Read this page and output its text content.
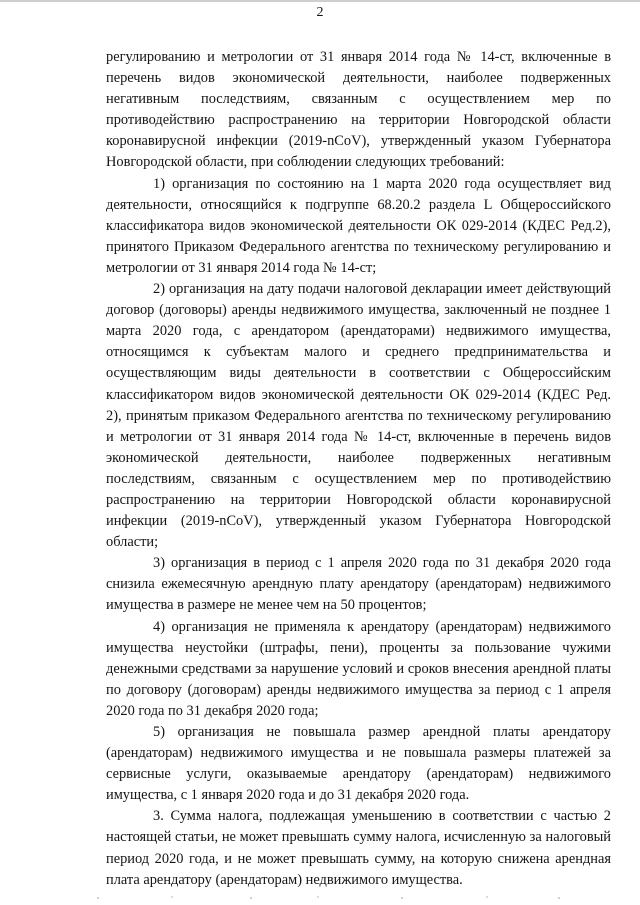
2

регулированию и метрологии от 31 января 2014 года № 14-ст, включенные в перечень видов экономической деятельности, наиболее подверженных негативным последствиям, связанным с осуществлением мер по противодействию распространению на территории Новгородской области коронавирусной инфекции (2019-nCoV), утвержденный указом Губернатора Новгородской области, при соблюдении следующих требований:

1) организация по состоянию на 1 марта 2020 года осуществляет вид деятельности, относящийся к подгруппе 68.20.2 раздела L Общероссийского классификатора видов экономической деятельности ОК 029-2014 (КДЕС Ред.2), принятого Приказом Федерального агентства по техническому регулированию и метрологии от 31 января 2014 года № 14-ст;

2) организация на дату подачи налоговой декларации имеет действующий договор (договоры) аренды недвижимого имущества, заключенный не позднее 1 марта 2020 года, с арендатором (арендаторами) недвижимого имущества, относящимся к субъектам малого и среднего предпринимательства и осуществляющим виды деятельности в соответствии с Общероссийским классификатором видов экономической деятельности ОК 029-2014 (КДЕС Ред. 2), принятым приказом Федерального агентства по техническому регулированию и метрологии от 31 января 2014 года № 14-ст, включенные в перечень видов экономической деятельности, наиболее подверженных негативным последствиям, связанным с осуществлением мер по противодействию распространению на территории Новгородской области коронавирусной инфекции (2019-nCoV), утвержденный указом Губернатора Новгородской области;

3) организация в период с 1 апреля 2020 года по 31 декабря 2020 года снизила ежемесячную арендную плату арендатору (арендаторам) недвижимого имущества в размере не менее чем на 50 процентов;

4) организация не применяла к арендатору (арендаторам) недвижимого имущества неустойки (штрафы, пени), проценты за пользование чужими денежными средствами за нарушение условий и сроков внесения арендной платы по договору (договорам) аренды недвижимого имущества за период с 1 апреля 2020 года по 31 декабря 2020 года;

5) организация не повышала размер арендной платы арендатору (арендаторам) недвижимого имущества и не повышала размеры платежей за сервисные услуги, оказываемые арендатору (арендаторам) недвижимого имущества, с 1 января 2020 года и до 31 декабря 2020 года.

3. Сумма налога, подлежащая уменьшению в соответствии с частью 2 настоящей статьи, не может превышать сумму налога, исчисленную за налоговый период 2020 года, и не может превышать сумму, на которую снижена арендная плата арендатору (арендаторам) недвижимого имущества.
